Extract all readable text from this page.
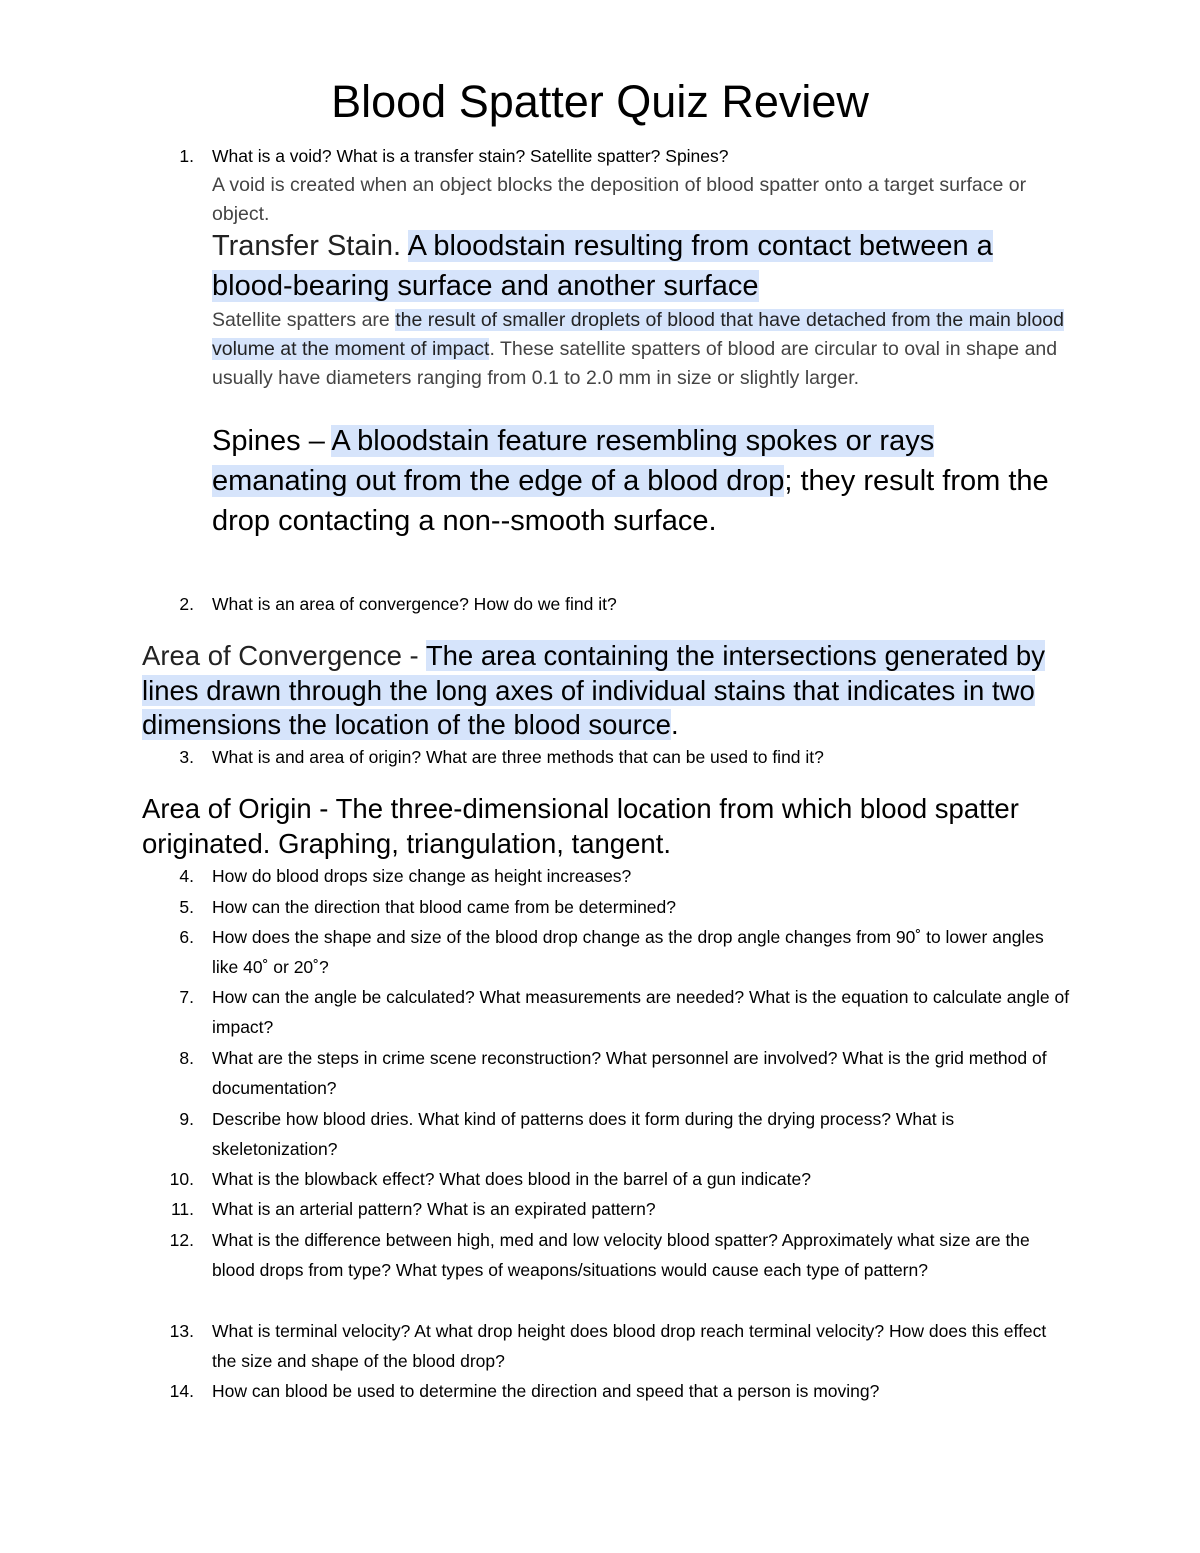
Blood Spatter Quiz Review
1. What is a void? What is a transfer stain? Satellite spatter? Spines?
A void is created when an object blocks the deposition of blood spatter onto a target surface or object.
Transfer Stain. A bloodstain resulting from contact between a blood-bearing surface and another surface
Satellite spatters are the result of smaller droplets of blood that have detached from the main blood volume at the moment of impact. These satellite spatters of blood are circular to oval in shape and usually have diameters ranging from 0.1 to 2.0 mm in size or slightly larger.
Spines – A bloodstain feature resembling spokes or rays emanating out from the edge of a blood drop; they result from the drop contacting a non--smooth surface.
2. What is an area of convergence? How do we find it?
Area of Convergence - The area containing the intersections generated by lines drawn through the long axes of individual stains that indicates in two dimensions the location of the blood source.
3. What is and area of origin? What are three methods that can be used to find it?
Area of Origin - The three-dimensional location from which blood spatter originated. Graphing, triangulation, tangent.
4. How do blood drops size change as height increases?
5. How can the direction that blood came from be determined?
6. How does the shape and size of the blood drop change as the drop angle changes from 90˚ to lower angles like 40˚ or 20˚?
7. How can the angle be calculated? What measurements are needed? What is the equation to calculate angle of impact?
8. What are the steps in crime scene reconstruction? What personnel are involved? What is the grid method of documentation?
9. Describe how blood dries. What kind of patterns does it form during the drying process? What is skeletonization?
10. What is the blowback effect? What does blood in the barrel of a gun indicate?
11. What is an arterial pattern? What is an expirated pattern?
12. What is the difference between high, med and low velocity blood spatter? Approximately what size are the blood drops from type? What types of weapons/situations would cause each type of pattern?
13. What is terminal velocity? At what drop height does blood drop reach terminal velocity? How does this effect the size and shape of the blood drop?
14. How can blood be used to determine the direction and speed that a person is moving?
